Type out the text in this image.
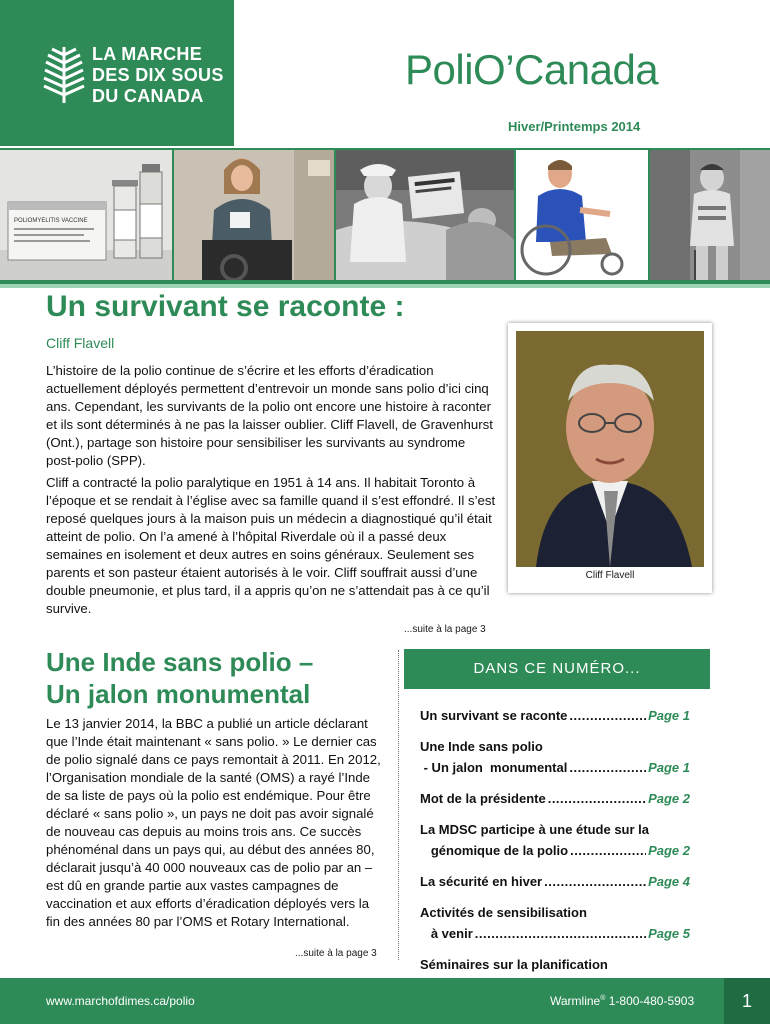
LA MARCHE
DES DIX SOUS
DU CANADA
PoliO’Canada
Hiver/Printemps 2014
POLIOMYELITIS VACCINE
Un survivant se raconte :
Cliff Flavell
L’histoire de la polio continue de s’écrire et les efforts d’éradication actuellement déployés permettent d’entrevoir un monde sans polio d’ici cinq ans. Cependant, les survivants de la polio ont encore une histoire à raconter et ils sont déterminés à ne pas la laisser oublier. Cliff Flavell, de Gravenhurst (Ont.), partage son histoire pour sensibiliser les survivants au syndrome post-polio (SPP).
Cliff a contracté la polio paralytique en 1951 à 14 ans. Il habitait Toronto à l’époque et se rendait à l’église avec sa famille quand il s’est effondré. Il s’est reposé quelques jours à la maison puis un médecin a diagnostiqué qu’il était atteint de polio. On l’a amené à l’hôpital Riverdale où il a passé deux semaines en isolement et deux autres en soins généraux. Seulement ses parents et son pasteur étaient autorisés à le voir. Cliff souffrait aussi d’une double pneumonie, et plus tard, il a appris qu’on ne s’attendait pas à ce qu’il survive.
...suite à la page 3
Cliff Flavell
Une Inde sans polio –
Un jalon monumental
Le 13 janvier 2014, la BBC a publié un article déclarant que l’Inde était maintenant « sans polio. » Le dernier cas de polio signalé dans ce pays remontait à 2011. En 2012, l’Organisation mondiale de la santé (OMS) a rayé l’Inde de sa liste de pays où la polio est endémique. Pour être déclaré « sans polio », un pays ne doit pas avoir signalé de nouveau cas depuis au moins trois ans. Ce succès phénoménal dans un pays qui, au début des années 80, déclarait jusqu’à 40 000 nouveaux cas de polio par an – est dû en grande partie aux vastes campagnes de vaccination et aux efforts d’éradication déployés vers la fin des années 80 par l’OMS et Rotary International.
...suite à la page 3
DANS CE NUMÉRO...
Un survivant se raconte .....	Page 1
Une Inde sans polio
- Un jalon  monumental .....	Page 1
Mot de la présidente .....	Page 2
La MDSC participe à une étude sur la
génomique de la polio .....	Page 2
La sécurité en hiver .....	Page 4
Activités de sensibilisation
à venir .....	Page 5
Séminaires sur la planification
.....
www.marchofdimes.ca/polio	Warmline® 1-800-480-5903	1
